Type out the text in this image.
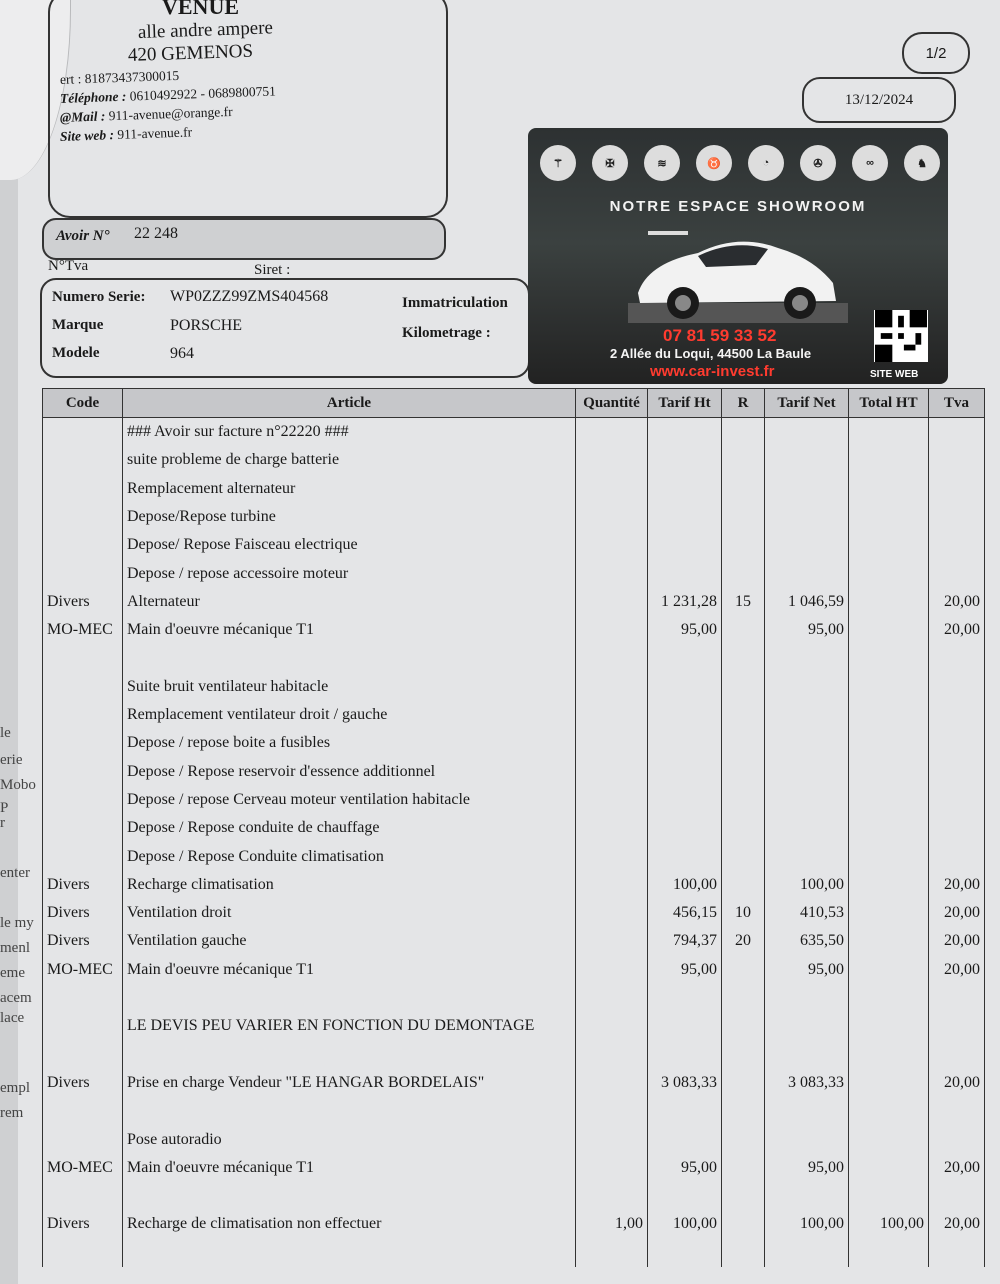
le
erie
Mobo
P
r
enter
le my
menl
eme
acem
lace
empl
rem
VENUE
alle andre ampere
420 GEMENOS
ert : 81873437300015
Téléphone : 0610492922 - 0689800751
@Mail : 911-avenue@orange.fr
Site web : 911-avenue.fr
1/2
13/12/2024
Avoir N° 22 248
N°Tva	Siret :
Numero Serie: WP0ZZZ99ZMS404568
Marque	PORSCHE
Modele	964
Immatriculation
Kilometrage :
⚚	✠	≋	♉	◔	✇	∞	♞
NOTRE ESPACE SHOWROOM
07 81 59 33 52
2 Allée du Loqui, 44500 La Baule
www.car-invest.fr	SITE WEB
Code	Article	Quantité	Tarif Ht	R	Tarif Net	Total HT	Tva
	### Avoir sur facture n°22220 ###						
	suite probleme de charge batterie						
	Remplacement alternateur						
	Depose/Repose turbine						
	Depose/ Repose Faisceau electrique						
	Depose / repose accessoire moteur						
Divers	Alternateur		1 231,28	15	1 046,59		20,00
MO-MEC	Main d'oeuvre mécanique T1		95,00		95,00		20,00

	Suite bruit ventilateur habitacle						
	Remplacement ventilateur droit / gauche						
	Depose / repose boite a fusibles						
	Depose / Repose reservoir d'essence additionnel						
	Depose / repose Cerveau moteur ventilation habitacle						
	Depose / Repose conduite de chauffage						
	Depose / Repose Conduite climatisation						
Divers	Recharge climatisation		100,00		100,00		20,00
Divers	Ventilation droit		456,15	10	410,53		20,00
Divers	Ventilation gauche		794,37	20	635,50		20,00
MO-MEC	Main d'oeuvre mécanique T1		95,00		95,00		20,00

	LE DEVIS PEU VARIER EN FONCTION DU DEMONTAGE						

Divers	Prise en charge Vendeur "LE HANGAR BORDELAIS"		3 083,33		3 083,33		20,00

	Pose autoradio						
MO-MEC	Main d'oeuvre mécanique T1		95,00		95,00		20,00

Divers	Recharge de climatisation non effectuer	1,00	100,00		100,00	100,00	20,00
